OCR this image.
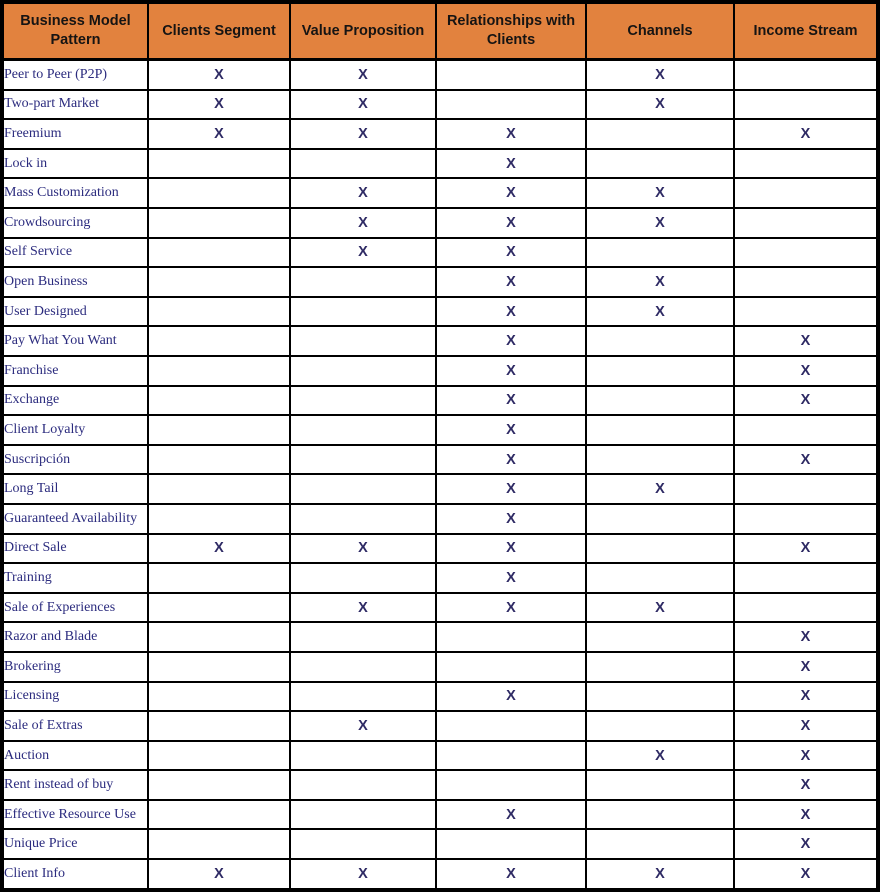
Business Model Pattern	Clients Segment	Value Proposition	Relationships with Clients	Channels	Income Stream
Peer to Peer (P2P)	X	X		X	
Two-part Market	X	X		X	
Freemium	X	X	X		X
Lock in			X		
Mass Customization		X	X	X	
Crowdsourcing		X	X	X	
Self Service		X	X		
Open Business			X	X	
User Designed			X	X	
Pay What You Want			X		X
Franchise			X		X
Exchange			X		X
Client Loyalty			X		
Suscripción			X		X
Long Tail			X	X	
Guaranteed Availability			X		
Direct Sale	X	X	X		X
Training			X		
Sale of Experiences		X	X	X	
Razor and Blade					X
Brokering					X
Licensing			X		X
Sale of Extras		X			X
Auction				X	X
Rent instead of buy					X
Effective Resource Use			X		X
Unique Price					X
Client Info	X	X	X	X	X
